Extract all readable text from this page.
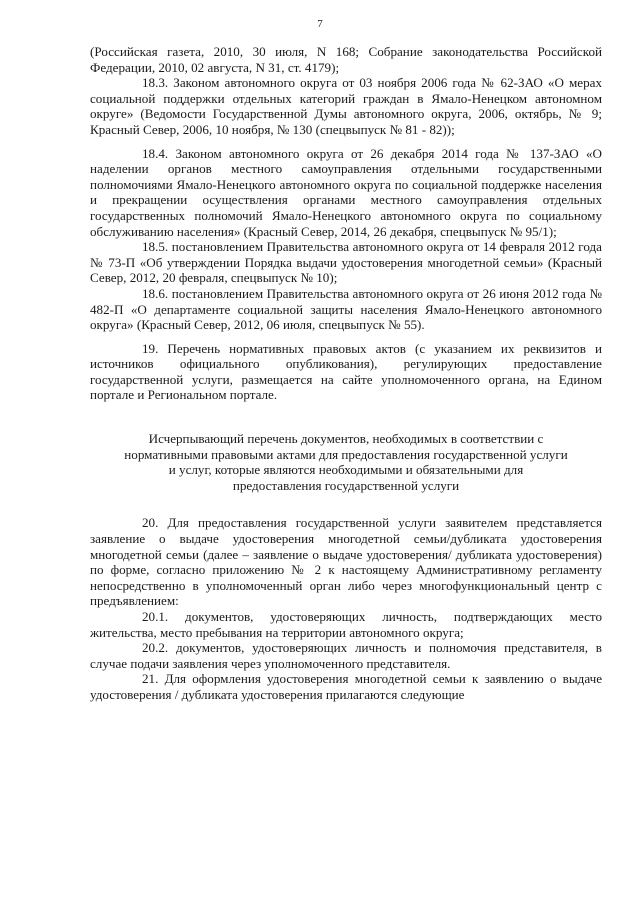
7

(Российская газета, 2010, 30 июля, N 168; Собрание законодательства Российской Федерации, 2010, 02 августа, N 31, ст. 4179);

18.3. Законом автономного округа от 03 ноября 2006 года № 62-ЗАО «О мерах социальной поддержки отдельных категорий граждан в Ямало-Ненецком автономном округе» (Ведомости Государственной Думы автономного округа, 2006, октябрь, № 9; Красный Север, 2006, 10 ноября, № 130 (спецвыпуск № 81 - 82));

18.4. Законом автономного округа от 26 декабря 2014 года № 137-ЗАО «О наделении органов местного самоуправления отдельными государственными полномочиями Ямало-Ненецкого автономного округа по социальной поддержке населения и прекращении осуществления органами местного самоуправления отдельных государственных полномочий Ямало-Ненецкого автономного округа по социальному обслуживанию населения» (Красный Север, 2014, 26 декабря, спецвыпуск № 95/1);

18.5. постановлением Правительства автономного округа от 14 февраля 2012 года № 73-П «Об утверждении Порядка выдачи удостоверения многодетной семьи» (Красный Север, 2012, 20 февраля, спецвыпуск № 10);

18.6. постановлением Правительства автономного округа от 26 июня 2012 года № 482-П «О департаменте социальной защиты населения Ямало-Ненецкого автономного округа» (Красный Север, 2012, 06 июля, спецвыпуск № 55).

19. Перечень нормативных правовых актов (с указанием их реквизитов и источников официального опубликования), регулирующих предоставление государственной услуги, размещается на сайте уполномоченного органа, на Едином портале и Региональном портале.

Исчерпывающий перечень документов, необходимых в соответствии с
нормативными правовыми актами для предоставления государственной услуги
и услуг, которые являются необходимыми и обязательными для
предоставления государственной услуги

20. Для предоставления государственной услуги заявителем представляется заявление о выдаче удостоверения многодетной семьи/дубликата удостоверения многодетной семьи (далее – заявление о выдаче удостоверения/ дубликата удостоверения) по форме, согласно приложению № 2 к настоящему Административному регламенту непосредственно в уполномоченный орган либо через многофункциональный центр с предъявлением:

20.1. документов, удостоверяющих личность, подтверждающих место жительства, место пребывания на территории автономного округа;

20.2. документов, удостоверяющих личность и полномочия представителя, в случае подачи заявления через уполномоченного представителя.

21. Для оформления удостоверения многодетной семьи к заявлению о выдаче удостоверения / дубликата удостоверения прилагаются следующие
